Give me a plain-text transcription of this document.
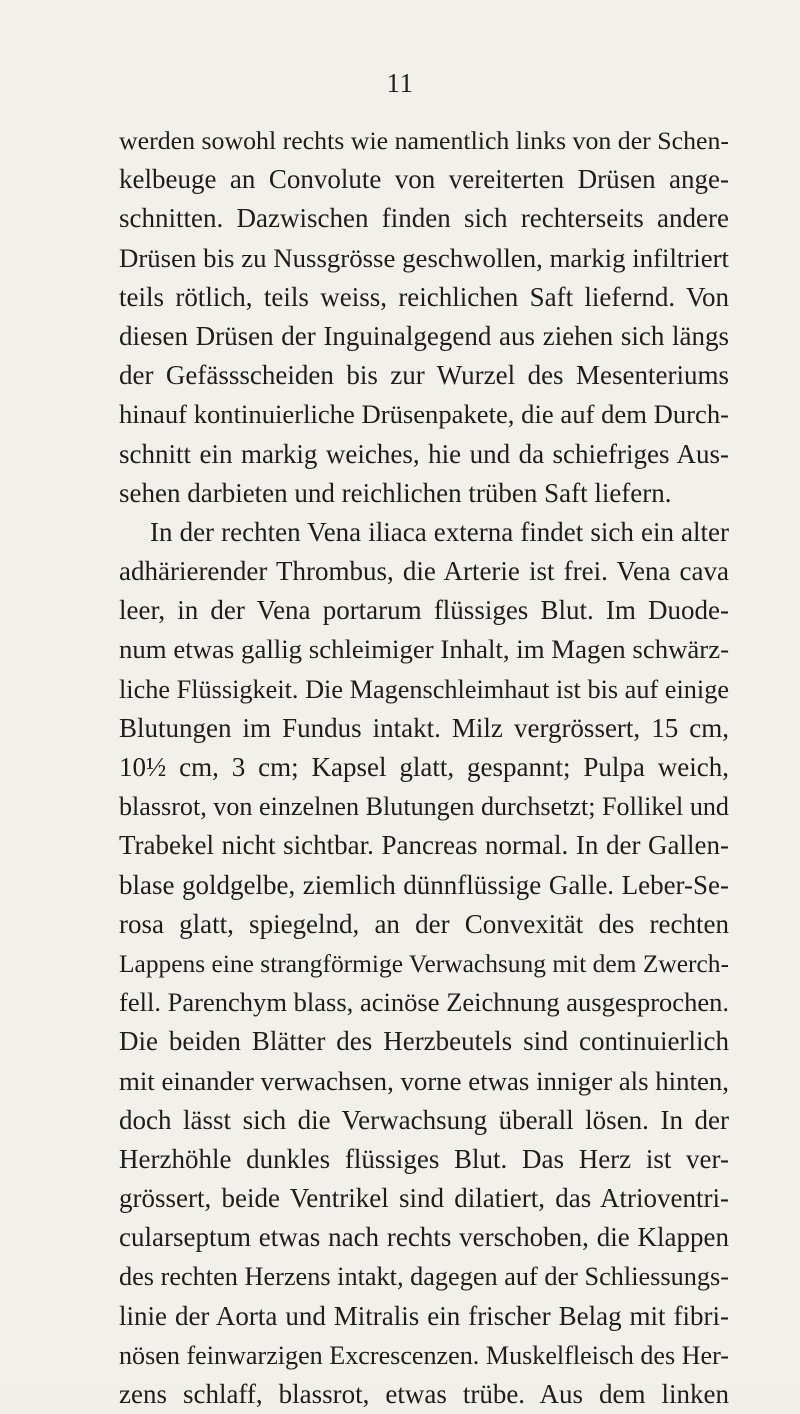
11
werden sowohl rechts wie namentlich links von der Schen-
kelbeuge an Convolute von vereiterten Drüsen ange-
schnitten. Dazwischen finden sich rechterseits andere
Drüsen bis zu Nussgrösse geschwollen, markig infiltriert
teils rötlich, teils weiss, reichlichen Saft liefernd. Von
diesen Drüsen der Inguinalgegend aus ziehen sich längs
der Gefässscheiden bis zur Wurzel des Mesenteriums
hinauf kontinuierliche Drüsenpakete, die auf dem Durch-
schnitt ein markig weiches, hie und da schiefriges Aus-
sehen darbieten und reichlichen trüben Saft liefern.
In der rechten Vena iliaca externa findet sich ein alter
adhärierender Thrombus, die Arterie ist frei. Vena cava
leer, in der Vena portarum flüssiges Blut. Im Duode-
num etwas gallig schleimiger Inhalt, im Magen schwärz-
liche Flüssigkeit. Die Magenschleimhaut ist bis auf einige
Blutungen im Fundus intakt. Milz vergrössert, 15 cm,
10½ cm, 3 cm; Kapsel glatt, gespannt; Pulpa weich,
blassrot, von einzelnen Blutungen durchsetzt; Follikel und
Trabekel nicht sichtbar. Pancreas normal. In der Gallen-
blase goldgelbe, ziemlich dünnflüssige Galle. Leber-Se-
rosa glatt, spiegelnd, an der Convexität des rechten
Lappens eine strangförmige Verwachsung mit dem Zwerch-
fell. Parenchym blass, acinöse Zeichnung ausgesprochen.
Die beiden Blätter des Herzbeutels sind continuierlich
mit einander verwachsen, vorne etwas inniger als hinten,
doch lässt sich die Verwachsung überall lösen. In der
Herzhöhle dunkles flüssiges Blut. Das Herz ist ver-
grössert, beide Ventrikel sind dilatiert, das Atrioventri-
cularseptum etwas nach rechts verschoben, die Klappen
des rechten Herzens intakt, dagegen auf der Schliessungs-
linie der Aorta und Mitralis ein frischer Belag mit fibri-
nösen feinwarzigen Excrescenzen. Muskelfleisch des Her-
zens schlaff, blassrot, etwas trübe. Aus dem linken
